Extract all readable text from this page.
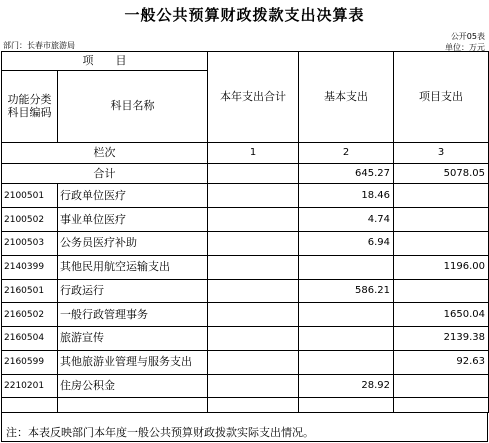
一般公共预算财政拨款支出决算表
公开05表
部门：长春市旅游局	单位：万元
项　　目		本年支出合计	基本支出	项目支出
功能分类科目编码	科目名称			
栏次		1	2	3
合计			645.27	5078.05
2100501	行政单位医疗		18.46	
2100502	事业单位医疗		4.74	
2100503	公务员医疗补助		6.94	
2140399	其他民用航空运输支出			1196.00
2160501	行政运行		586.21	
2160502	一般行政管理事务			1650.04
2160504	旅游宣传			2139.38
2160599	其他旅游业管理与服务支出			92.63
2210201	住房公积金		28.92	

注：本表反映部门本年度一般公共预算财政拨款实际支出情况。
